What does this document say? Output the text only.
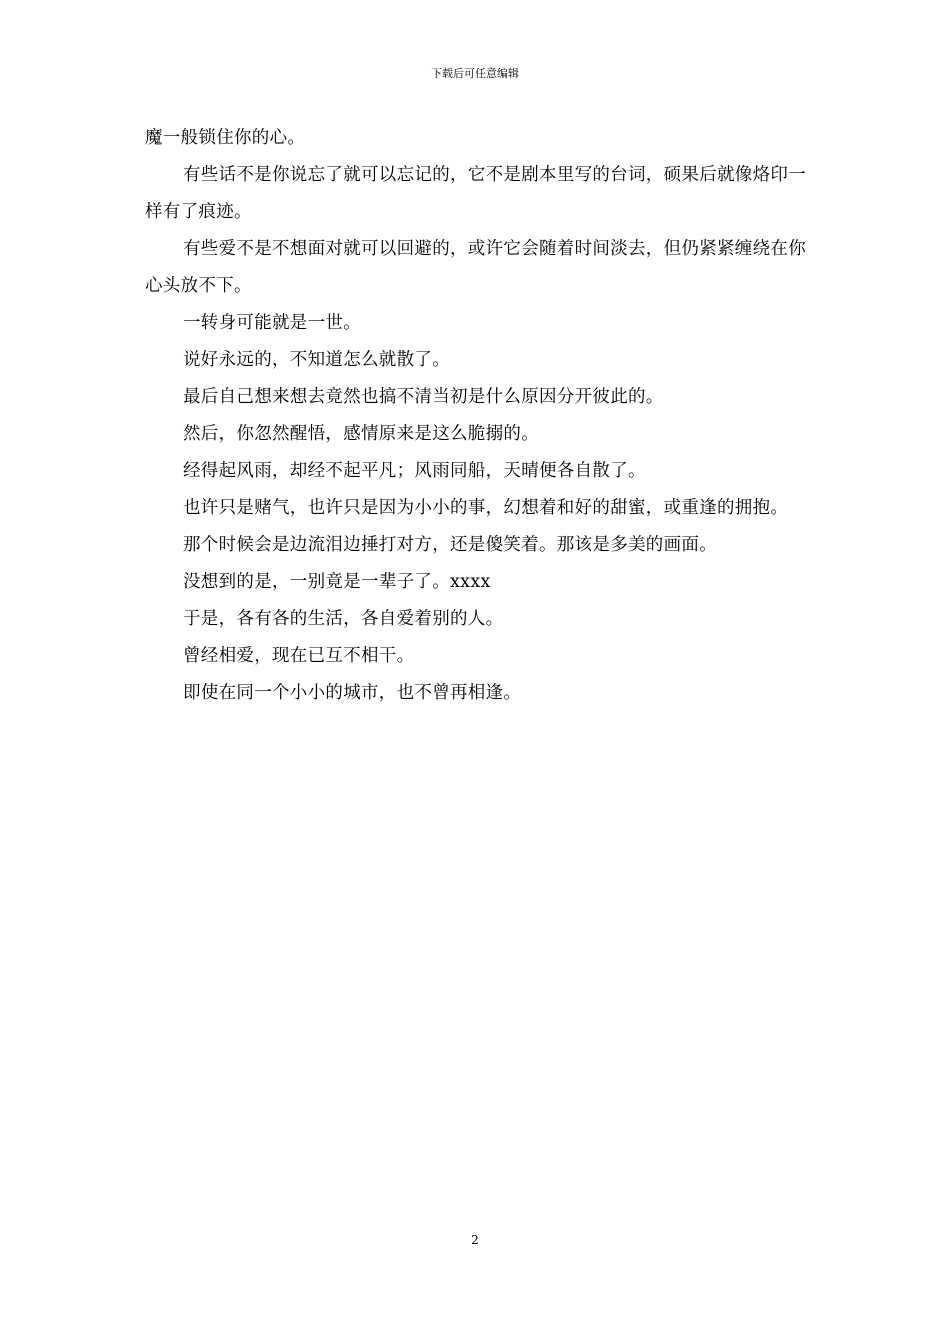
下载后可任意编辑

魔一般锁住你的心。

有些话不是你说忘了就可以忘记的，它不是剧本里写的台词，硕果后就像烙印一样有了痕迹。

有些爱不是不想面对就可以回避的，或许它会随着时间淡去，但仍紧紧缠绕在你心头放不下。

一转身可能就是一世。

说好永远的，不知道怎么就散了。

最后自己想来想去竟然也搞不清当初是什么原因分开彼此的。

然后，你忽然醒悟，感情原来是这么脆搦的。

经得起风雨，却经不起平凡；风雨同船，天晴便各自散了。

也许只是赌气，也许只是因为小小的事，幻想着和好的甜蜜，或重逢的拥抱。

那个时候会是边流泪边捶打对方，还是傻笑着。那该是多美的画面。

没想到的是，一别竟是一辈子了。xxxx

于是，各有各的生活，各自爱着别的人。

曾经相爱，现在已互不相干。

即使在同一个小小的城市，也不曾再相逢。

2
